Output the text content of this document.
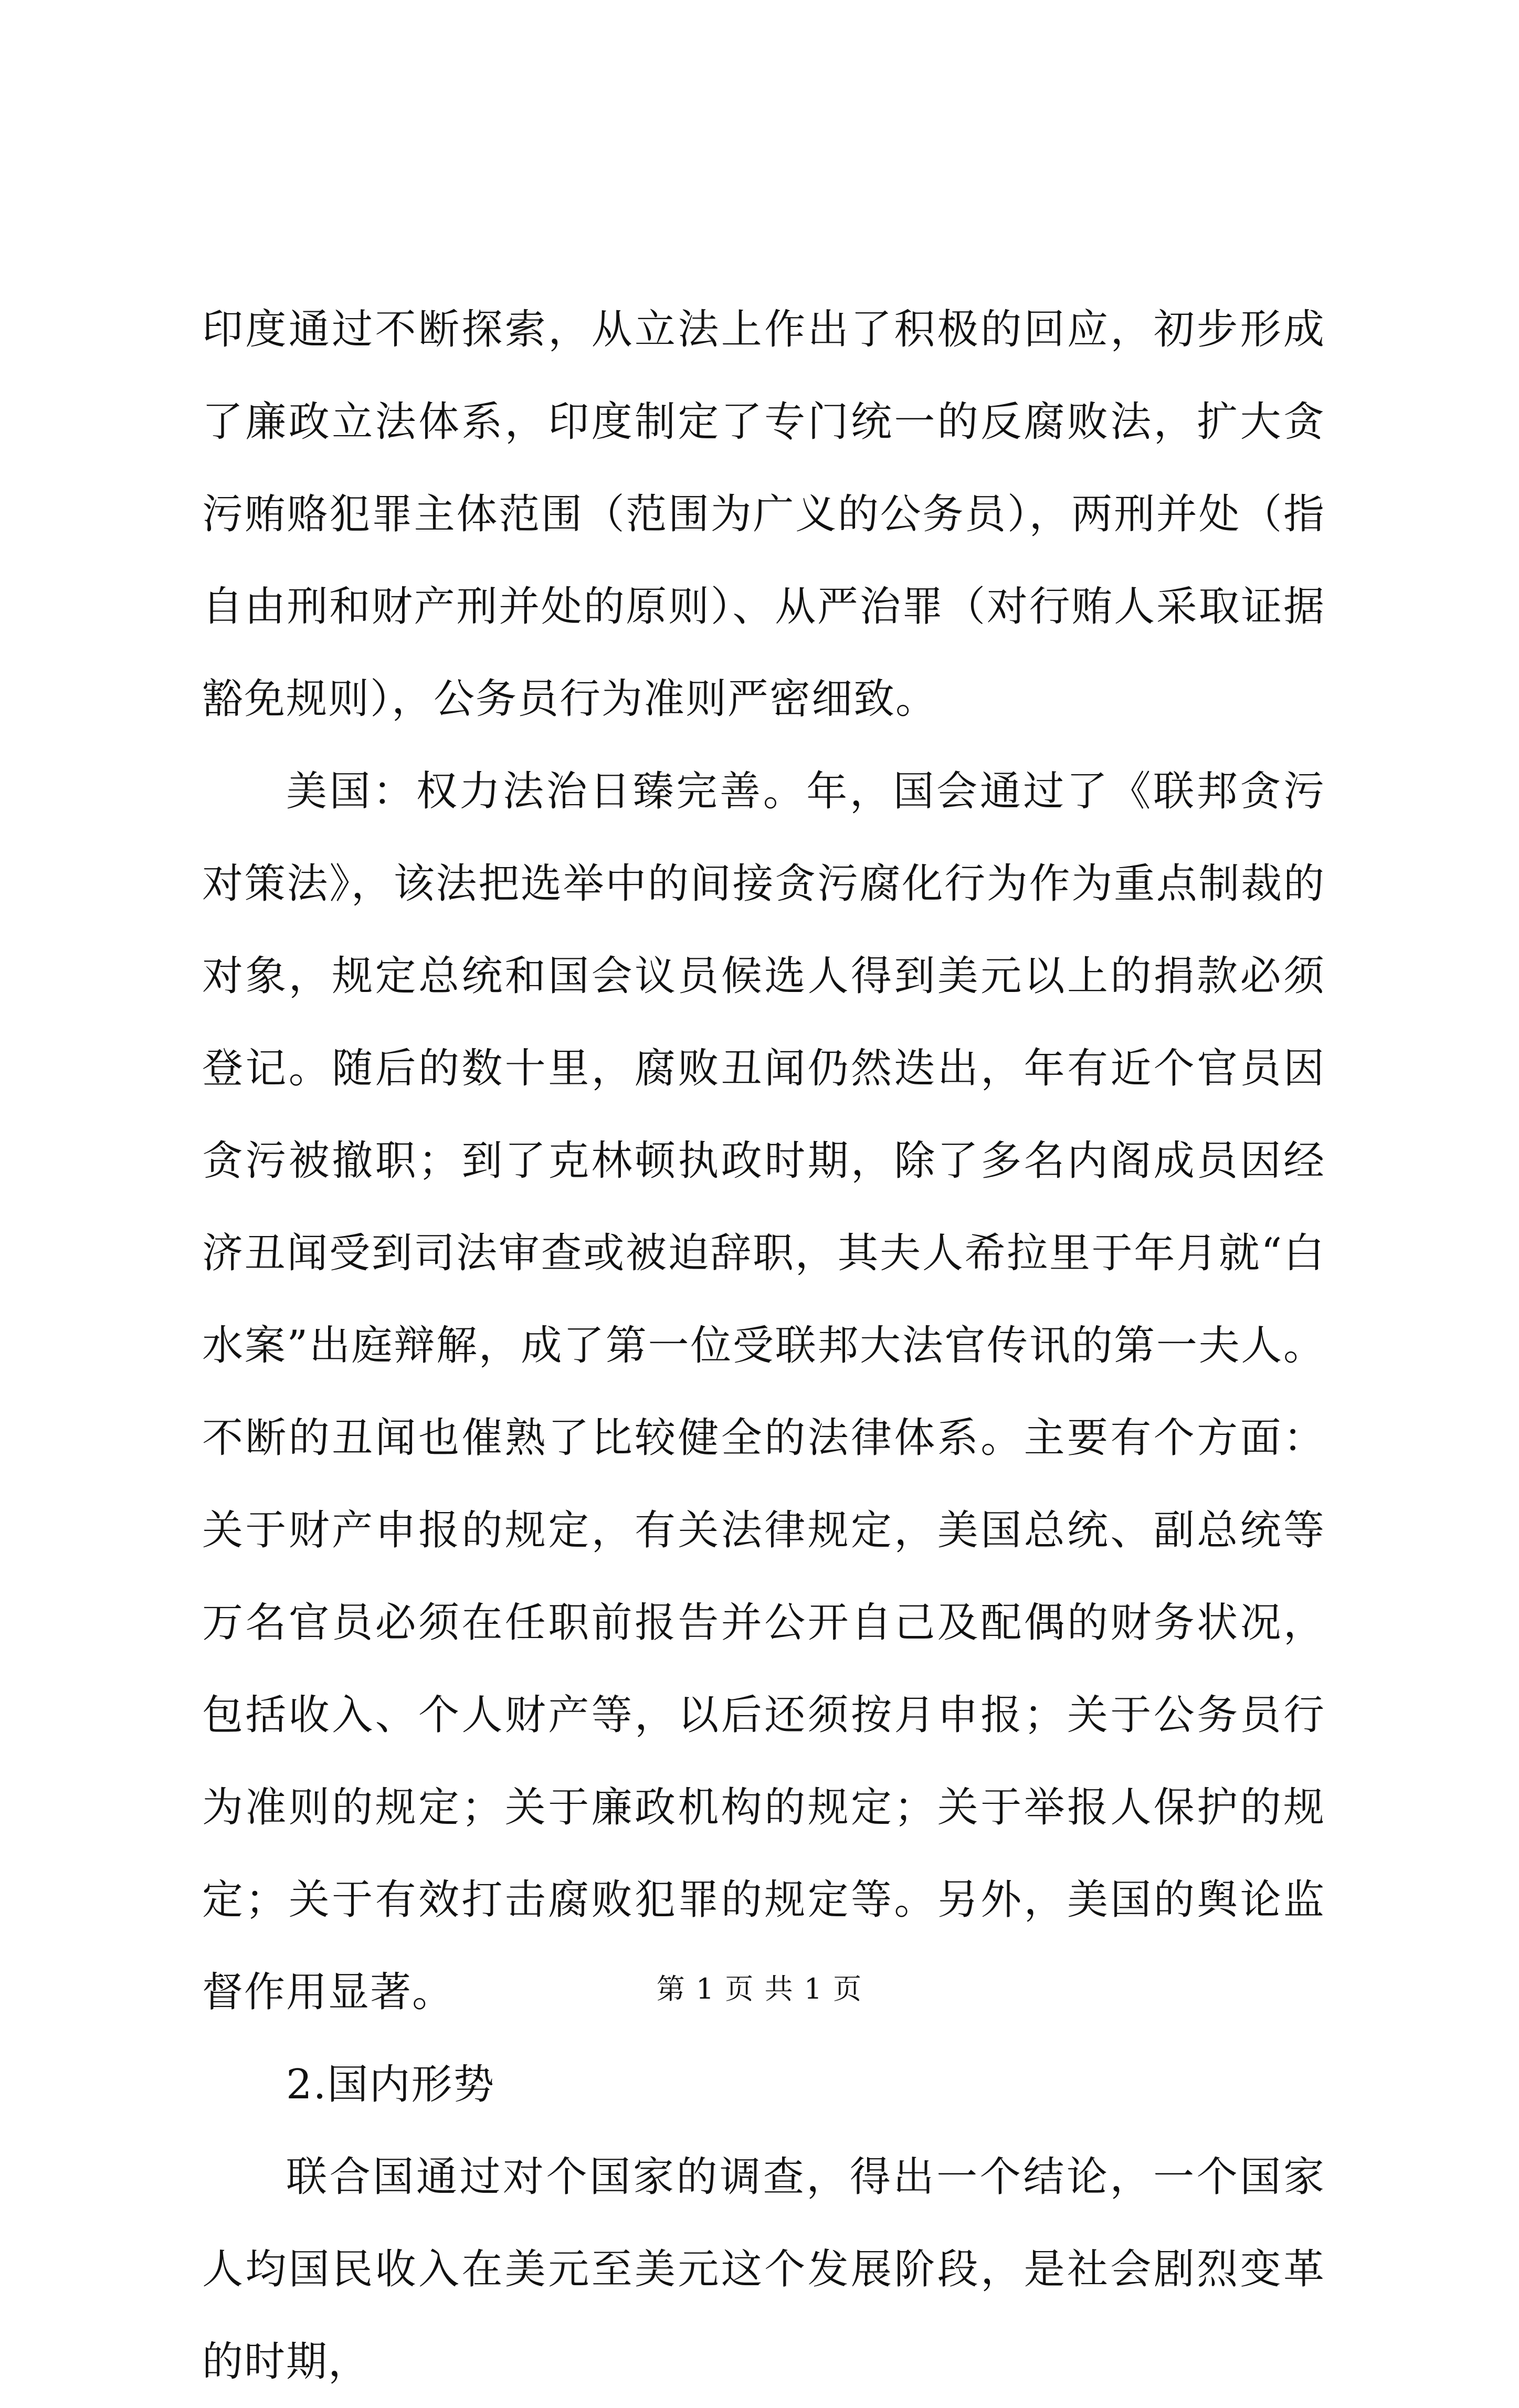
印度通过不断探索，从立法上作出了积极的回应，初步形成了廉政立法体系，印度制定了专门统一的反腐败法，扩大贪污贿赂犯罪主体范围（范围为广义的公务员），两刑并处（指自由刑和财产刑并处的原则）、从严治罪（对行贿人采取证据豁免规则），公务员行为准则严密细致。

美国：权力法治日臻完善。年，国会通过了《联邦贪污对策法》，该法把选举中的间接贪污腐化行为作为重点制裁的对象，规定总统和国会议员候选人得到美元以上的捐款必须登记。随后的数十里，腐败丑闻仍然迭出，年有近个官员因贪污被撤职；到了克林顿执政时期，除了多名内阁成员因经济丑闻受到司法审查或被迫辞职，其夫人希拉里于年月就“白水案”出庭辩解，成了第一位受联邦大法官传讯的第一夫人。不断的丑闻也催熟了比较健全的法律体系。主要有个方面：关于财产申报的规定，有关法律规定，美国总统、副总统等万名官员必须在任职前报告并公开自己及配偶的财务状况，包括收入、个人财产等，以后还须按月申报；关于公务员行为准则的规定；关于廉政机构的规定；关于举报人保护的规定；关于有效打击腐败犯罪的规定等。另外，美国的舆论监督作用显著。

2.国内形势

联合国通过对个国家的调查，得出一个结论，一个国家人均国民收入在美元至美元这个发展阶段，是社会剧烈变革的时期，

第 1 页 共 1 页
